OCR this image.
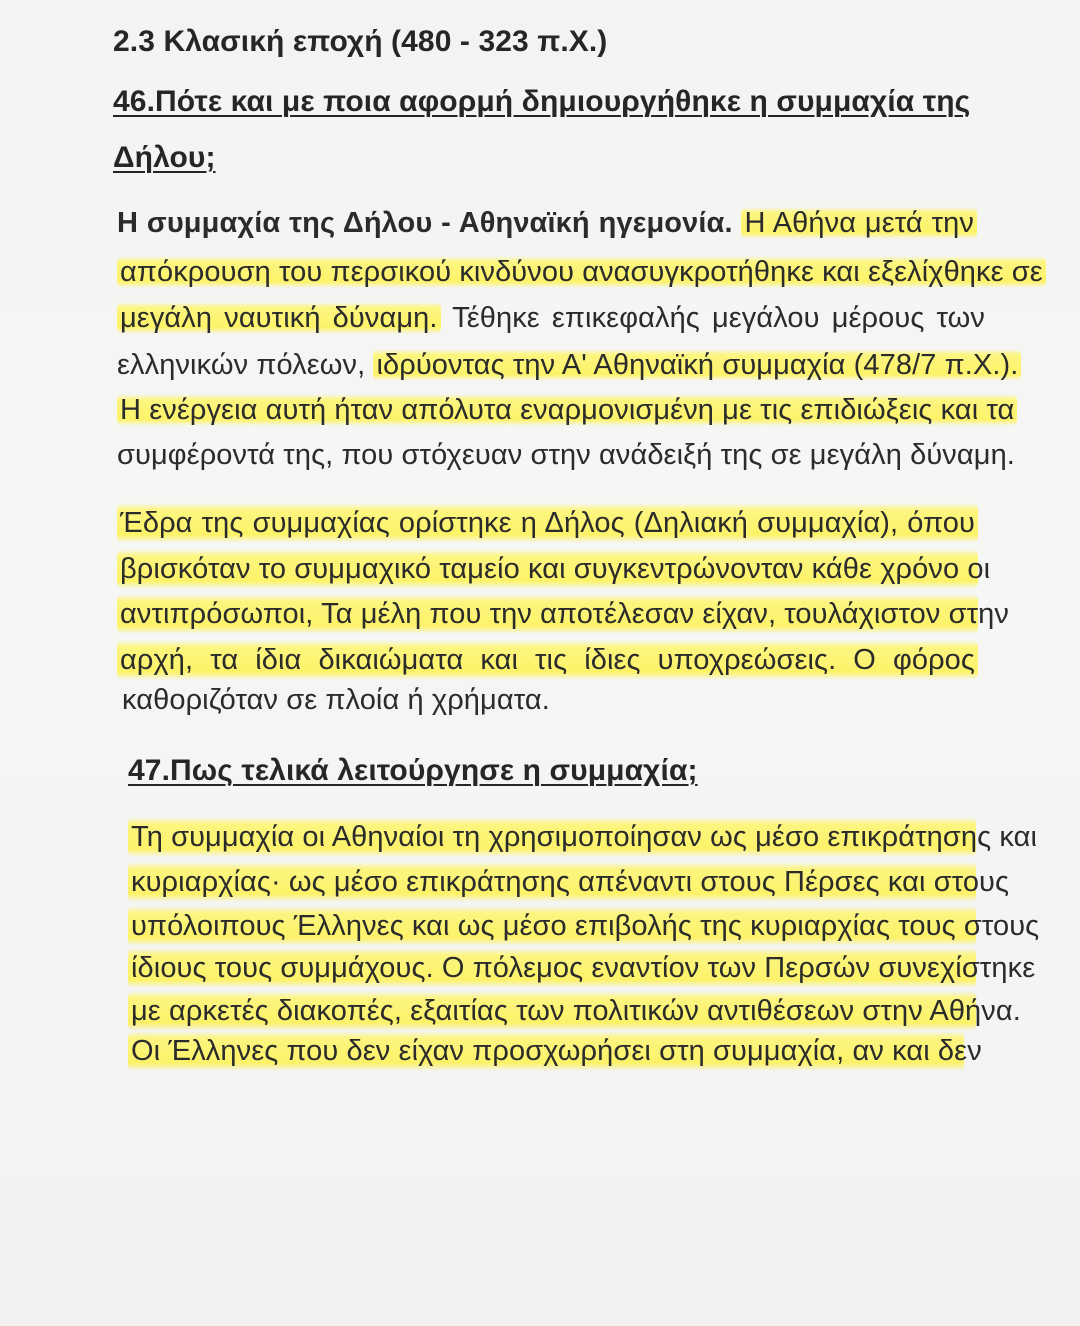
2.3 Κλασική εποχή (480 - 323 π.Χ.)
46.Πότε και με ποια αφορμή δημιουργήθηκε η συμμαχία της
Δήλου;
Η συμμαχία της Δήλου - Αθηναϊκή ηγεμονία. Η Αθήνα μετά την
απόκρουση του περσικού κινδύνου ανασυγκροτήθηκε και εξελίχθηκε σε
μεγάλη ναυτική δύναμη. Τέθηκε επικεφαλής μεγάλου μέρους των
ελληνικών πόλεων, ιδρύοντας την Α' Αθηναϊκή συμμαχία (478/7 π.Χ.).
Η ενέργεια αυτή ήταν απόλυτα εναρμονισμένη με τις επιδιώξεις και τα
συμφέροντά της, που στόχευαν στην ανάδειξή της σε μεγάλη δύναμη.
Έδρα της συμμαχίας ορίστηκε η Δήλος (Δηλιακή συμμαχία), όπου
βρισκόταν το συμμαχικό ταμείο και συγκεντρώνονταν κάθε χρόνο οι
αντιπρόσωποι, Τα μέλη που την αποτέλεσαν είχαν, τουλάχιστον στην
αρχή, τα ίδια δικαιώματα και τις ίδιες υποχρεώσεις. Ο φόρος
καθοριζόταν σε πλοία ή χρήματα.
47.Πως τελικά λειτούργησε η συμμαχία;
Τη συμμαχία οι Αθηναίοι τη χρησιμοποίησαν ως μέσο επικράτησης και
κυριαρχίας· ως μέσο επικράτησης απέναντι στους Πέρσες και στους
υπόλοιπους Έλληνες και ως μέσο επιβολής της κυριαρχίας τους στους
ίδιους τους συμμάχους. Ο πόλεμος εναντίον των Περσών συνεχίστηκε
με αρκετές διακοπές, εξαιτίας των πολιτικών αντιθέσεων στην Αθήνα.
Οι Έλληνες που δεν είχαν προσχωρήσει στη συμμαχία, αν και δεν
